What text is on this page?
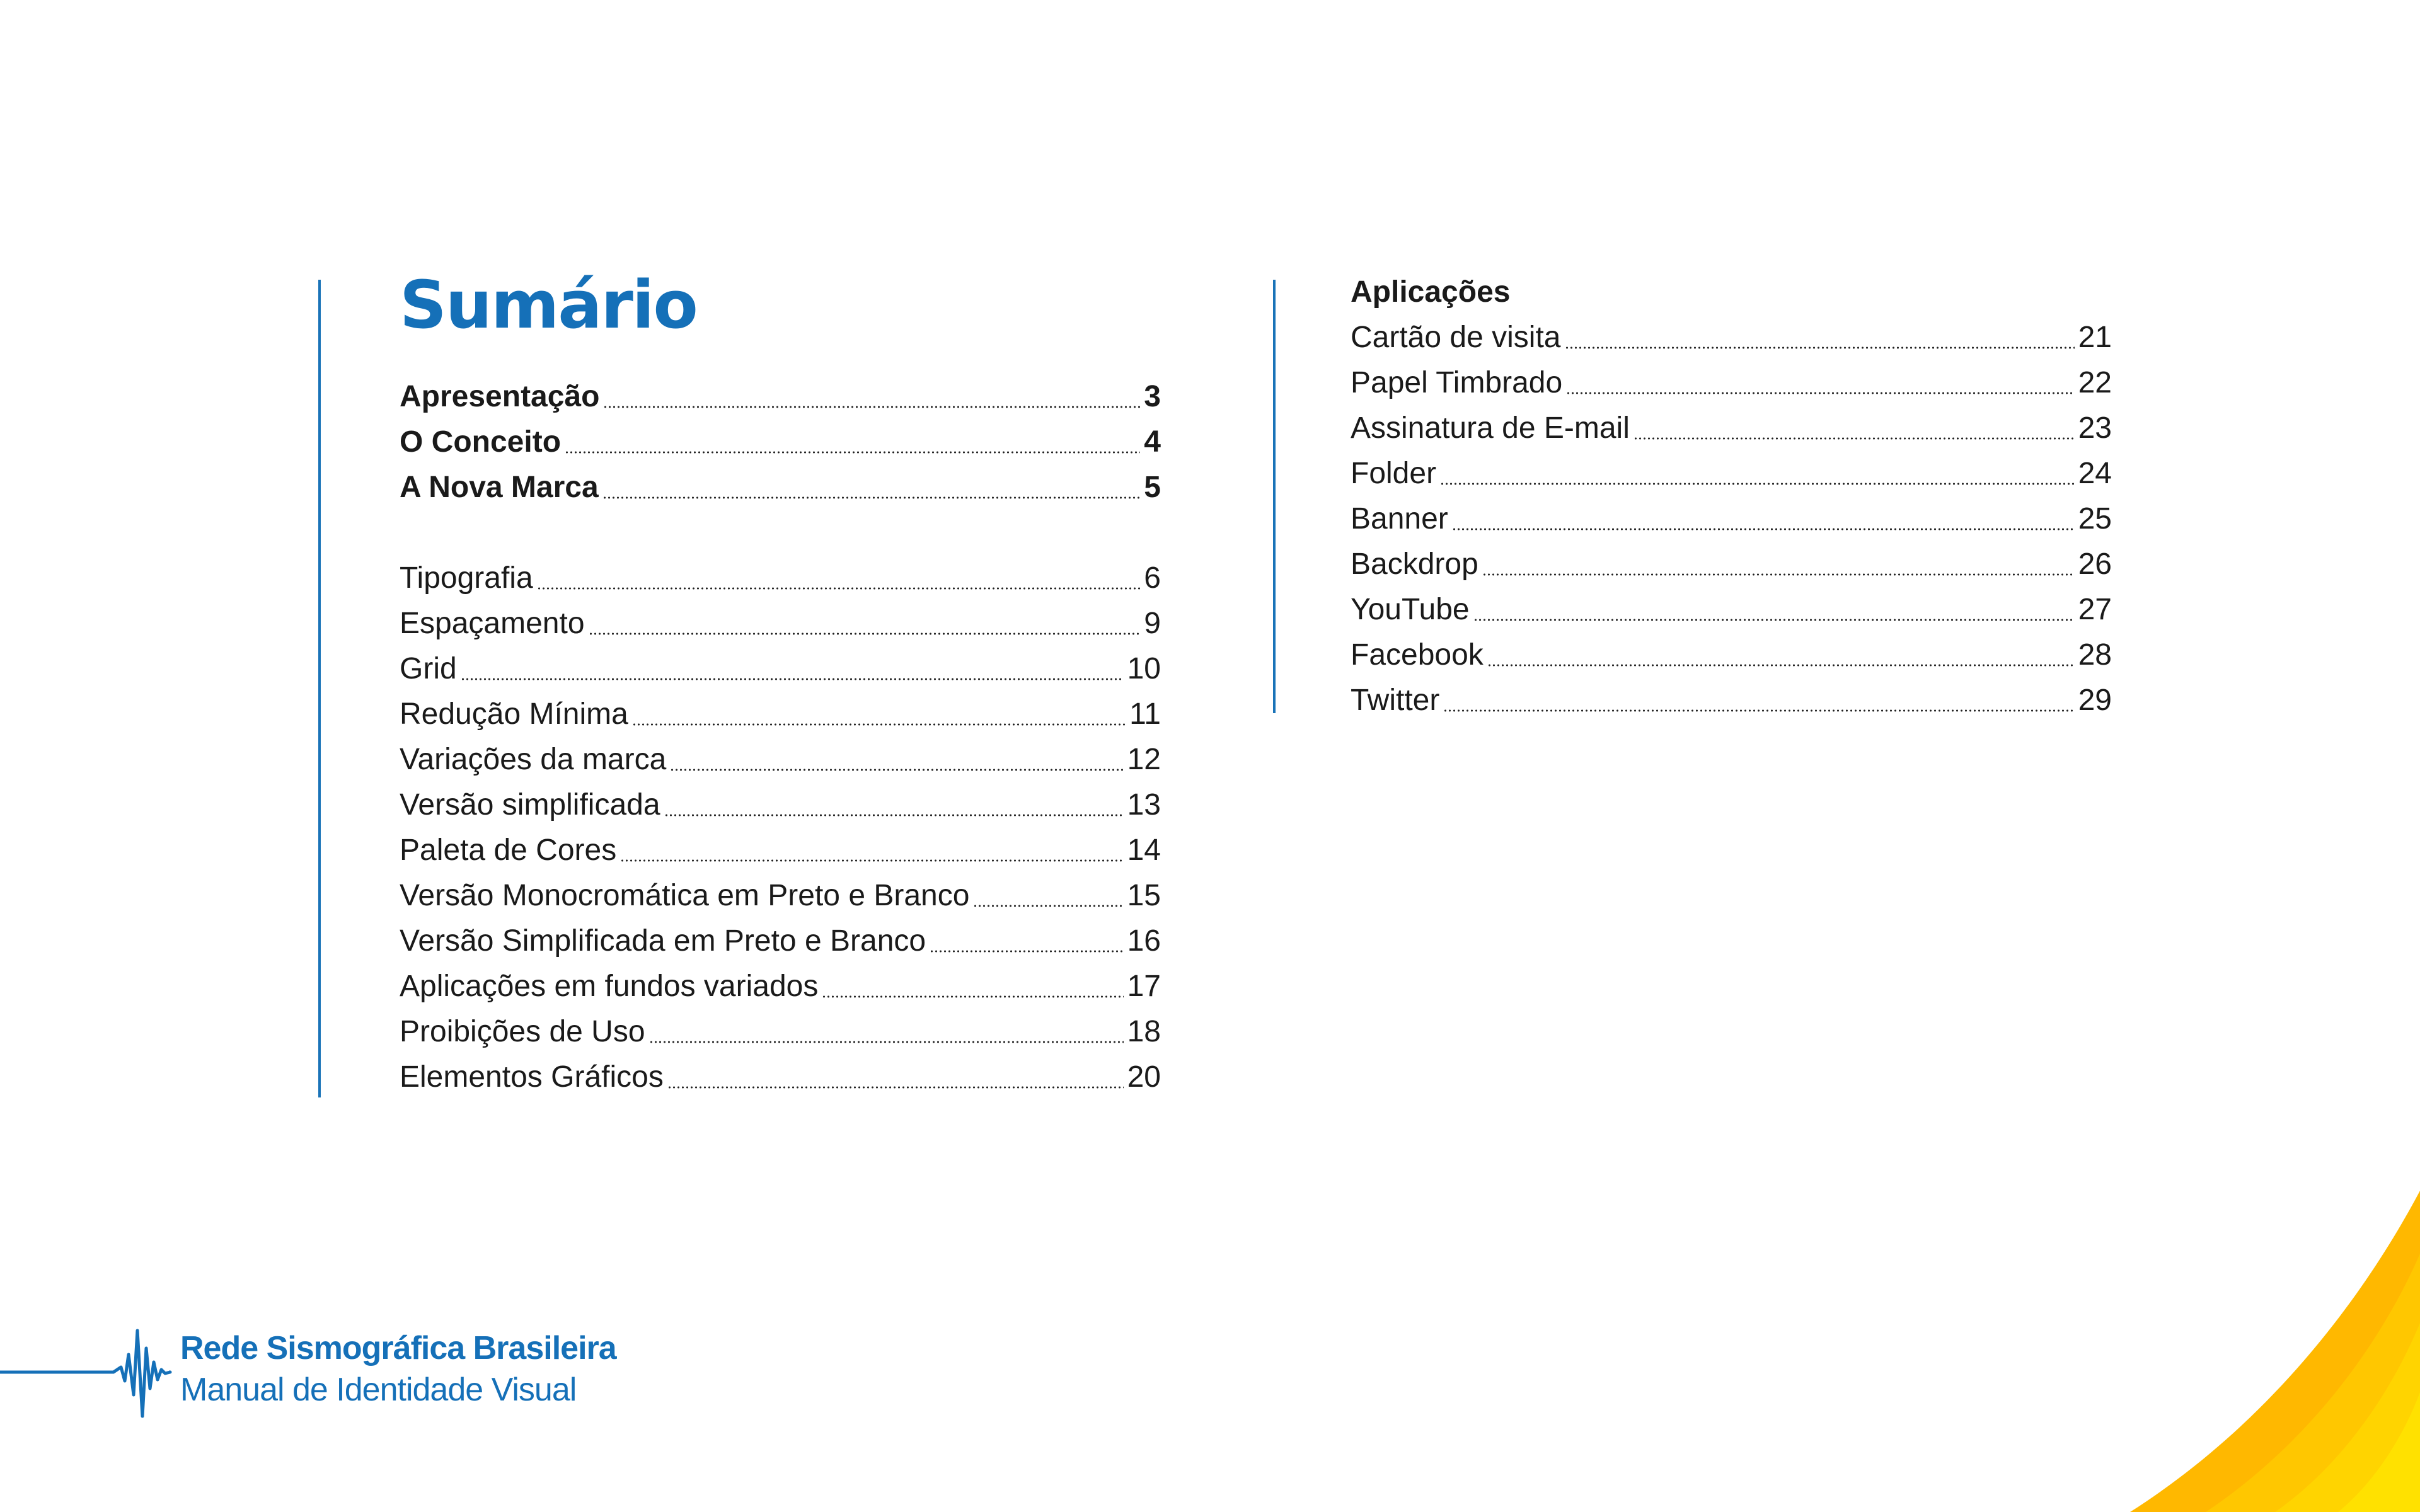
Sumário
Apresentação	3
O Conceito	4
A Nova Marca	5
Tipografia	6
Espaçamento	9
Grid	10
Redução Mínima	11
Variações da marca	12
Versão simplificada	13
Paleta de Cores	14
Versão Monocromática em Preto e Branco	15
Versão Simplificada em Preto e Branco	16
Aplicações em fundos variados	17
Proibições de Uso	18
Elementos Gráficos	20
Aplicações
Cartão de visita	21
Papel Timbrado	22
Assinatura de E-mail	23
Folder	24
Banner	25
Backdrop	26
YouTube	27
Facebook	28
Twitter	29
Rede Sismográfica Brasileira
Manual de Identidade Visual
